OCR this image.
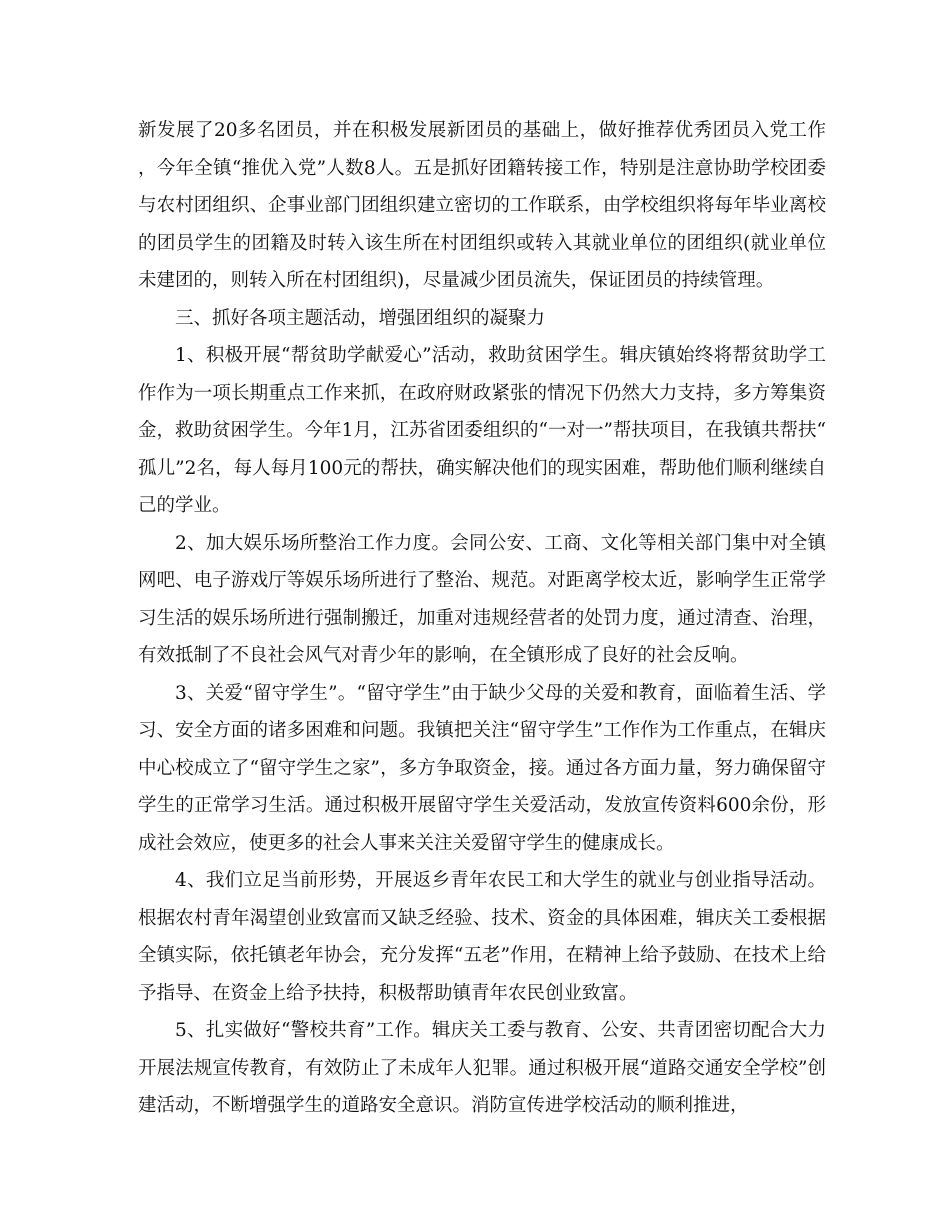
新发展了20多名团员，并在积极发展新团员的基础上，做好推荐优秀团员入党工作，今年全镇“推优入党”人数8人。五是抓好团籍转接工作，特别是注意协助学校团委与农村团组织、企事业部门团组织建立密切的工作联系，由学校组织将每年毕业离校的团员学生的团籍及时转入该生所在村团组织或转入其就业单位的团组织(就业单位未建团的，则转入所在村团组织)，尽量减少团员流失，保证团员的持续管理。

三、抓好各项主题活动，增强团组织的凝聚力

1、积极开展“帮贫助学献爱心”活动，救助贫困学生。辑庆镇始终将帮贫助学工作作为一项长期重点工作来抓，在政府财政紧张的情况下仍然大力支持，多方筹集资金，救助贫困学生。今年1月，江苏省团委组织的“一对一”帮扶项目，在我镇共帮扶“孤儿”2名，每人每月100元的帮扶，确实解决他们的现实困难，帮助他们顺利继续自己的学业。

2、加大娱乐场所整治工作力度。会同公安、工商、文化等相关部门集中对全镇网吧、电子游戏厅等娱乐场所进行了整治、规范。对距离学校太近，影响学生正常学习生活的娱乐场所进行强制搬迁，加重对违规经营者的处罚力度，通过清查、治理，有效抵制了不良社会风气对青少年的影响，在全镇形成了良好的社会反响。

3、关爱“留守学生”。“留守学生”由于缺少父母的关爱和教育，面临着生活、学习、安全方面的诸多困难和问题。我镇把关注“留守学生”工作作为工作重点，在辑庆中心校成立了“留守学生之家”，多方争取资金，接。通过各方面力量，努力确保留守学生的正常学习生活。通过积极开展留守学生关爱活动，发放宣传资料600余份，形成社会效应，使更多的社会人事来关注关爱留守学生的健康成长。

4、我们立足当前形势，开展返乡青年农民工和大学生的就业与创业指导活动。根据农村青年渴望创业致富而又缺乏经验、技术、资金的具体困难，辑庆关工委根据全镇实际，依托镇老年协会，充分发挥“五老”作用，在精神上给予鼓励、在技术上给予指导、在资金上给予扶持，积极帮助镇青年农民创业致富。

5、扎实做好“警校共育”工作。辑庆关工委与教育、公安、共青团密切配合大力开展法规宣传教育，有效防止了未成年人犯罪。通过积极开展“道路交通安全学校”创建活动，不断增强学生的道路安全意识。消防宣传进学校活动的顺利推进，
